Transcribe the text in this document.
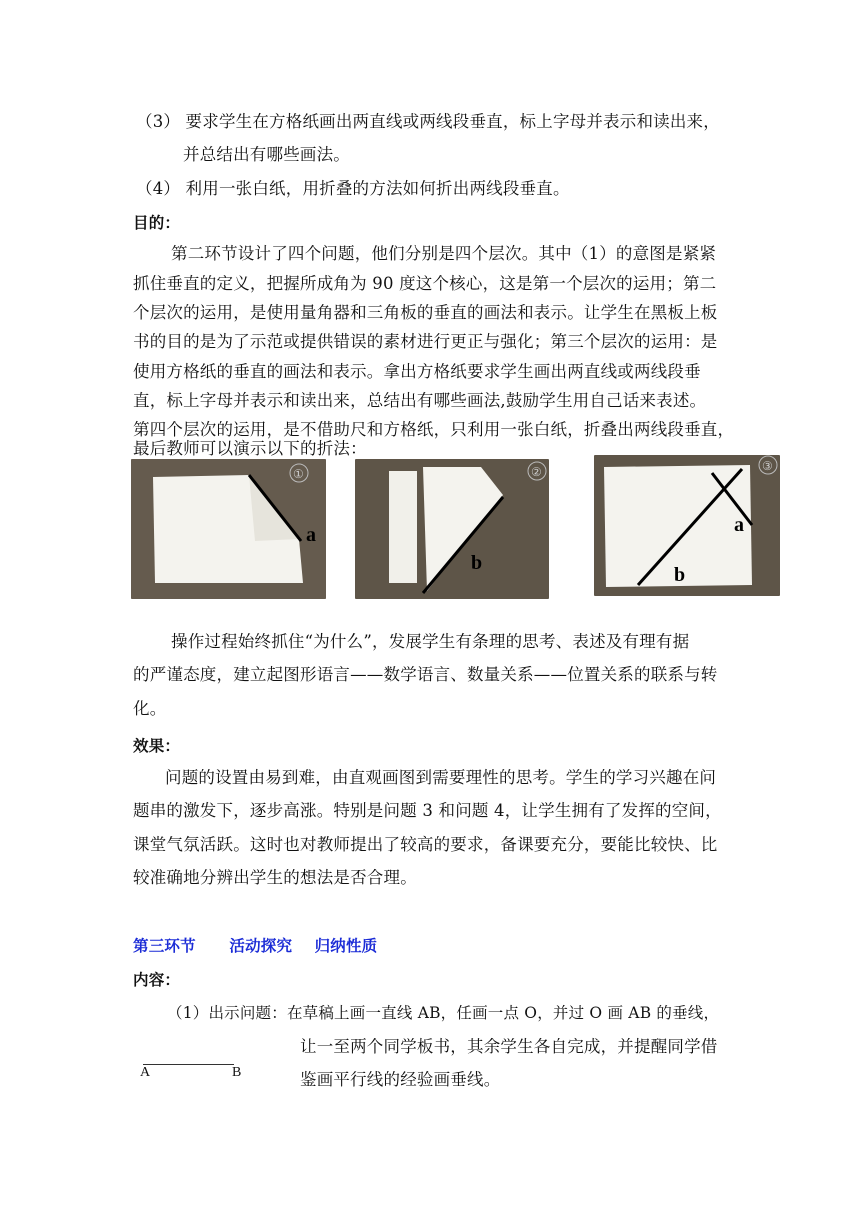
（3） 要求学生在方格纸画出两直线或两线段垂直，标上字母并表示和读出来，
并总结出有哪些画法。
（4） 利用一张白纸，用折叠的方法如何折出两线段垂直。
目的：
第二环节设计了四个问题，他们分别是四个层次。其中（1）的意图是紧紧
抓住垂直的定义，把握所成角为 90 度这个核心，这是第一个层次的运用；第二
个层次的运用，是使用量角器和三角板的垂直的画法和表示。让学生在黑板上板
书的目的是为了示范或提供错误的素材进行更正与强化；第三个层次的运用：是
使用方格纸的垂直的画法和表示。拿出方格纸要求学生画出两直线或两线段垂
直，标上字母并表示和读出来，总结出有哪些画法,鼓励学生用自己话来表述。
第四个层次的运用，是不借助尺和方格纸，只利用一张白纸，折叠出两线段垂直，
最后教师可以演示以下的折法：
a
①
b
②
a
b
③
操作过程始终抓住“为什么”，发展学生有条理的思考、表述及有理有据
的严谨态度，建立起图形语言——数学语言、数量关系——位置关系的联系与转
化。
效果：
问题的设置由易到难，由直观画图到需要理性的思考。学生的学习兴趣在问
题串的激发下，逐步高涨。特别是问题 3 和问题 4，让学生拥有了发挥的空间，
课堂气氛活跃。这时也对教师提出了较高的要求，备课要充分，要能比较快、比
较准确地分辨出学生的想法是否合理。
第三环节      活动探究    归纳性质
内容：
（1）出示问题：在草稿上画一直线 AB，任画一点 O，并过 O 画 AB 的垂线，
让一至两个同学板书，其余学生各自完成，并提醒同学借
鉴画平行线的经验画垂线。
A	B
